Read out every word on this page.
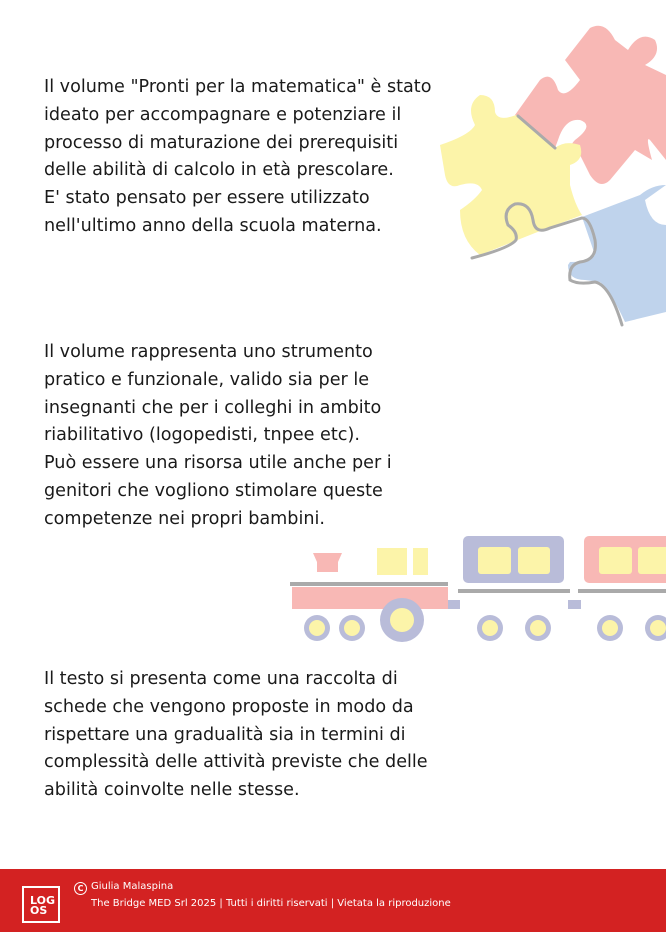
Il volume "Pronti per la matematica" è stato
ideato per accompagnare e potenziare il
processo di maturazione dei prerequisiti
delle abilità di calcolo in età prescolare.
E' stato pensato per essere utilizzato
nell'ultimo anno della scuola materna.
Il volume rappresenta uno strumento
pratico e funzionale, valido sia per le
insegnanti che per i colleghi in ambito
riabilitativo (logopedisti, tnpee etc).
Può essere una risorsa utile anche per i
genitori che vogliono stimolare queste
competenze nei propri bambini.
Il testo si presenta come una raccolta di
schede che vengono proposte in modo da
rispettare una gradualità sia in termini di
complessità delle attività previste che delle
abilità coinvolte nelle stesse.
LOG
OS
C Giulia Malaspina
The Bridge MED Srl 2025 | Tutti i diritti riservati | Vietata la riproduzione
